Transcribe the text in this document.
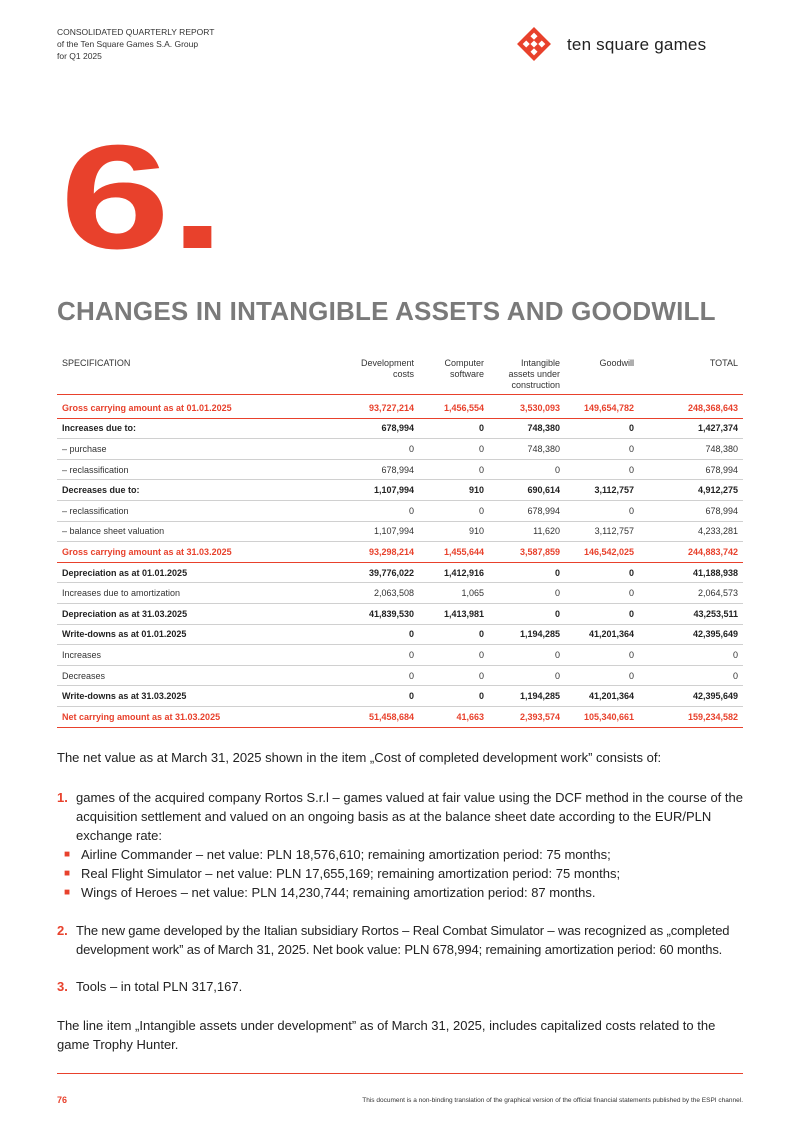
CONSOLIDATED QUARTERLY REPORT
of the Ten Square Games S.A. Group
for Q1 2025
ten square games
6.
CHANGES IN INTANGIBLE ASSETS AND GOODWILL
SPECIFICATION	Development costs	Computer software	Intangible assets under construction	Goodwill	TOTAL
Gross carrying amount as at 01.01.2025	93,727,214	1,456,554	3,530,093	149,654,782	248,368,643
Increases due to:	678,994	0	748,380	0	1,427,374
– purchase	0	0	748,380	0	748,380
– reclassification	678,994	0	0	0	678,994
Decreases due to:	1,107,994	910	690,614	3,112,757	4,912,275
– reclassification	0	0	678,994	0	678,994
– balance sheet valuation	1,107,994	910	11,620	3,112,757	4,233,281
Gross carrying amount as at 31.03.2025	93,298,214	1,455,644	3,587,859	146,542,025	244,883,742
Depreciation as at 01.01.2025	39,776,022	1,412,916	0	0	41,188,938
Increases due to amortization	2,063,508	1,065	0	0	2,064,573
Depreciation as at 31.03.2025	41,839,530	1,413,981	0	0	43,253,511
Write-downs as at 01.01.2025	0	0	1,194,285	41,201,364	42,395,649
Increases	0	0	0	0	0
Decreases	0	0	0	0	0
Write-downs as at 31.03.2025	0	0	1,194,285	41,201,364	42,395,649
Net carrying amount as at 31.03.2025	51,458,684	41,663	2,393,574	105,340,661	159,234,582

The net value as at March 31, 2025 shown in the item „Cost of completed development work” consists of:

1. games of the acquired company Rortos S.r.l – games valued at fair value using the DCF method in the course of the acquisition settlement and valued on an ongoing basis as at the balance sheet date according to the EUR/PLN exchange rate:
■ Airline Commander – net value: PLN 18,576,610; remaining amortization period: 75 months;
■ Real Flight Simulator – net value: PLN 17,655,169; remaining amortization period: 75 months;
■ Wings of Heroes – net value: PLN 14,230,744; remaining amortization period: 87 months.
2. The new game developed by the Italian subsidiary Rortos – Real Combat Simulator – was recognized as „completed development work” as of March 31, 2025. Net book value: PLN 678,994; remaining amortization period: 60 months.
3. Tools – in total PLN 317,167.

The line item „Intangible assets under development” as of March 31, 2025, includes capitalized costs related to the game Trophy Hunter.

76	This document is a non-binding translation of the graphical version of the official financial statements published by the ESPI channel.
